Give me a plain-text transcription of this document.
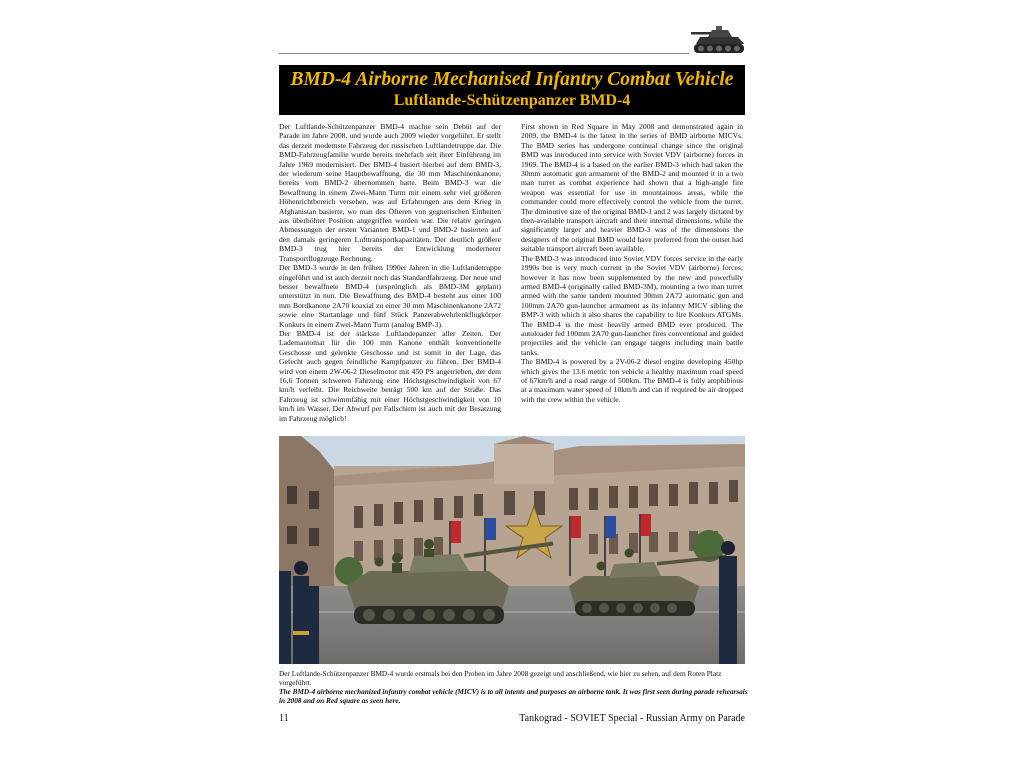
BMD-4 Airborne Mechanised Infantry Combat Vehicle
Luftlande-Schützenpanzer BMD-4

Der Luftlande-Schützenpanzer BMD-4 machte sein Debüt auf der Parade im Jahre 2008, und wurde auch 2009 wieder vorgeführt. Er stellt das derzeit modernste Fahrzeug der russischen Luftlandetruppe dar. Die BMD-Fahrzeugfamilie wurde bereits mehrfach seit ihrer Einführung im Jahre 1969 modernisiert. Der BMD-4 basiert hierbei auf dem BMD-3, der wiederum seine Hauptbewaffnung, die 30 mm Maschinenkanone, bereits vom BMD-2 übernommen hatte. Beim BMD-3 war die Bewaffnung in einem Zwei-Mann Turm mit einem sehr viel größeren Höhenrichtbereich versehen, was auf Erfahrungen aus dem Krieg in Afghanistan basierte, wo man des Öfteren von gegnerischen Einheiten aus überhöhter Position angegriffen worden war. Die relativ geringen Abmessungen der ersten Varianten BMD-1 und BMD-2 basierten auf den damals geringeren Lufttransportkapazitäten. Der deutlich größere BMD-3 trug hier bereits der Entwicklung modernerer Transportflugzeuge Rechnung.

Der BMD-3 wurde in den frühen 1990er Jahren in die Luftlandetruppe eingeführt und ist auch derzeit noch das Standardfahrzeug. Der neue und besser bewaffnete BMD-4 (ursprünglich als BMD-3M geplant) unterstützt in nun. Die Bewaffnung des BMD-4 besteht aus einer 100 mm Bordkanone 2A70 koaxial zu einer 30 mm Maschinenkanone 2A72 sowie eine Startanlage und fünf Stück Panzerabwehrlenkflugkörper Konkurs in einem Zwei-Mann Turm (analog BMP-3).

Der BMD-4 ist der stärkste Luftlandepanzer aller Zeiten. Der Lademautomat für die 100 mm Kanone enthält konventionelle Geschosse und gelenkte Geschosse und ist somit in der Lage, das Gefecht auch gegen feindliche Kampfpanzer zu führen. Der BMD-4 wird von einem 2W-06-2 Dieselmotor mit 450 PS angetrieben, der dem 16,6 Tonnen schweren Fahrzeug eine Höchstgeschwindigkeit von 67 km/h verleiht. Die Reichweite beträgt 500 km auf der Straße. Das Fahrzeug ist schwimmfähig mit einer Höchstgeschwindigkeit von 10 km/h im Wasser. Der Abwurf per Fallschirm ist auch mit der Besatzung im Fahrzeug möglich!

First shown in Red Square in May 2008 and demonstrated again in 2009, the BMD-4 is the latest in the series of BMD airborne MICVs. The BMD series has undergone continual change since the original BMD was introduced into service with Soviet VDV (airborne) forces in 1969. The BMD-4 is a based on the earlier BMD-3 which had taken the 30mm automatic gun armament of the BMD-2 and mounted it in a two man turret as combat experience had shown that a high-angle fire weapon was essential for use in mountainous areas, while the commander could more effectively control the vehicle from the turret. The diminutive size of the original BMD-1 and 2 was largely dictated by then-available transport aircraft and their internal dimensions, while the significantly larger and heavier BMD-3 was of the dimensions the designers of the original BMD would have preferred from the outset had suitable transport aircraft been available.

The BMD-3 was introduced into Soviet VDV forces service in the early 1990s but is very much current in the Soviet VDV (airborne) forces; however it has now been supplemented by the new and powerfully armed BMD-4 (originally called BMD-3M), mounting a two man turret armed with the same tandem mounted 30mm 2A72 automatic gun and 100mm 2A70 gun-launcher armament as its infantry MICV sibling the BMP-3 with which it also shares the capability to fire Konkurs ATGMs. The BMD-4 is the most heavily armed BMD ever produced. The autoloader fed 100mm 2A70 gun-launcher fires conventional and guided projectiles and the vehicle can engage targets including main battle tanks.

The BMD-4 is powered by a 2V-06-2 diesel engine developing 450hp which gives the 13.6 metric ton vehicle a healthy maximum road speed of 67km/h and a road range of 500km. The BMD-4 is fully amphibious at a maximum water speed of 10km/h and can if required be air dropped with the crew within the vehicle.

Der Luftlande-Schützenpanzer BMD-4 wurde erstmals bei den Proben im Jahre 2008 gezeigt und anschließend, wie hier zu sehen, auf dem Roten Platz vorgeführt.

The BMD-4 airborne mechanized infantry combat vehicle (MICV) is to all intents and purposes an airborne tank. It was first seen during parade rehearsals in 2008 and on Red square as seen here.

11	Tankograd - SOVIET Special - Russian Army on Parade
